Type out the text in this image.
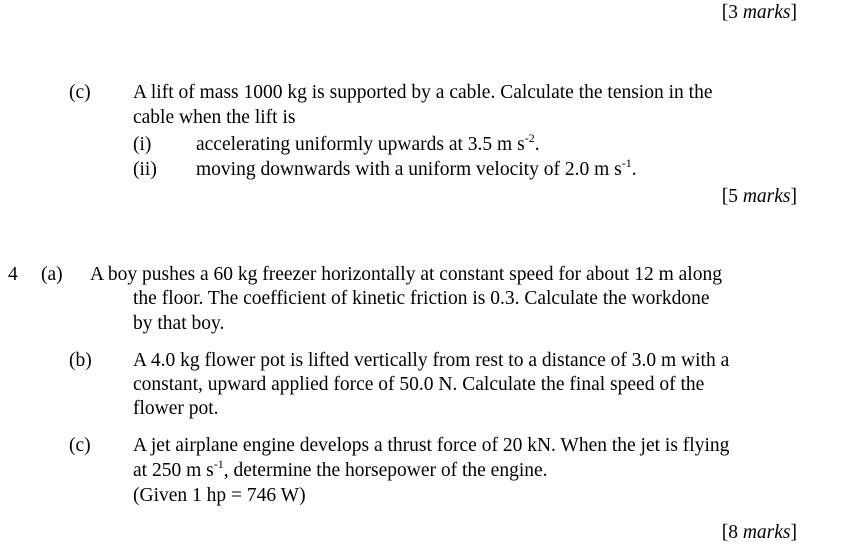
[3 marks]
(c) A lift of mass 1000 kg is supported by a cable. Calculate the tension in the
cable when the lift is
(i) accelerating uniformly upwards at 3.5 m $s^{-2}$.
(ii) moving downwards with a uniform velocity of 2.0 m $s^{-1}$.
[5 marks]
4 (a) A boy pushes a 60 kg freezer horizontally at constant speed for about 12 m along
the floor. The coefficient of kinetic friction is 0.3. Calculate the workdone
by that boy.
(b) A 4.0 kg flower pot is lifted vertically from rest to a distance of 3.0 m with a
constant, upward applied force of 50.0 N. Calculate the final speed of the
flower pot.
(c) A jet airplane engine develops a thrust force of 20 kN. When the jet is flying
at 250 m $s^{-1}$, determine the horsepower of the engine.
(Given 1 hp = 746 W)
[8 marks]
